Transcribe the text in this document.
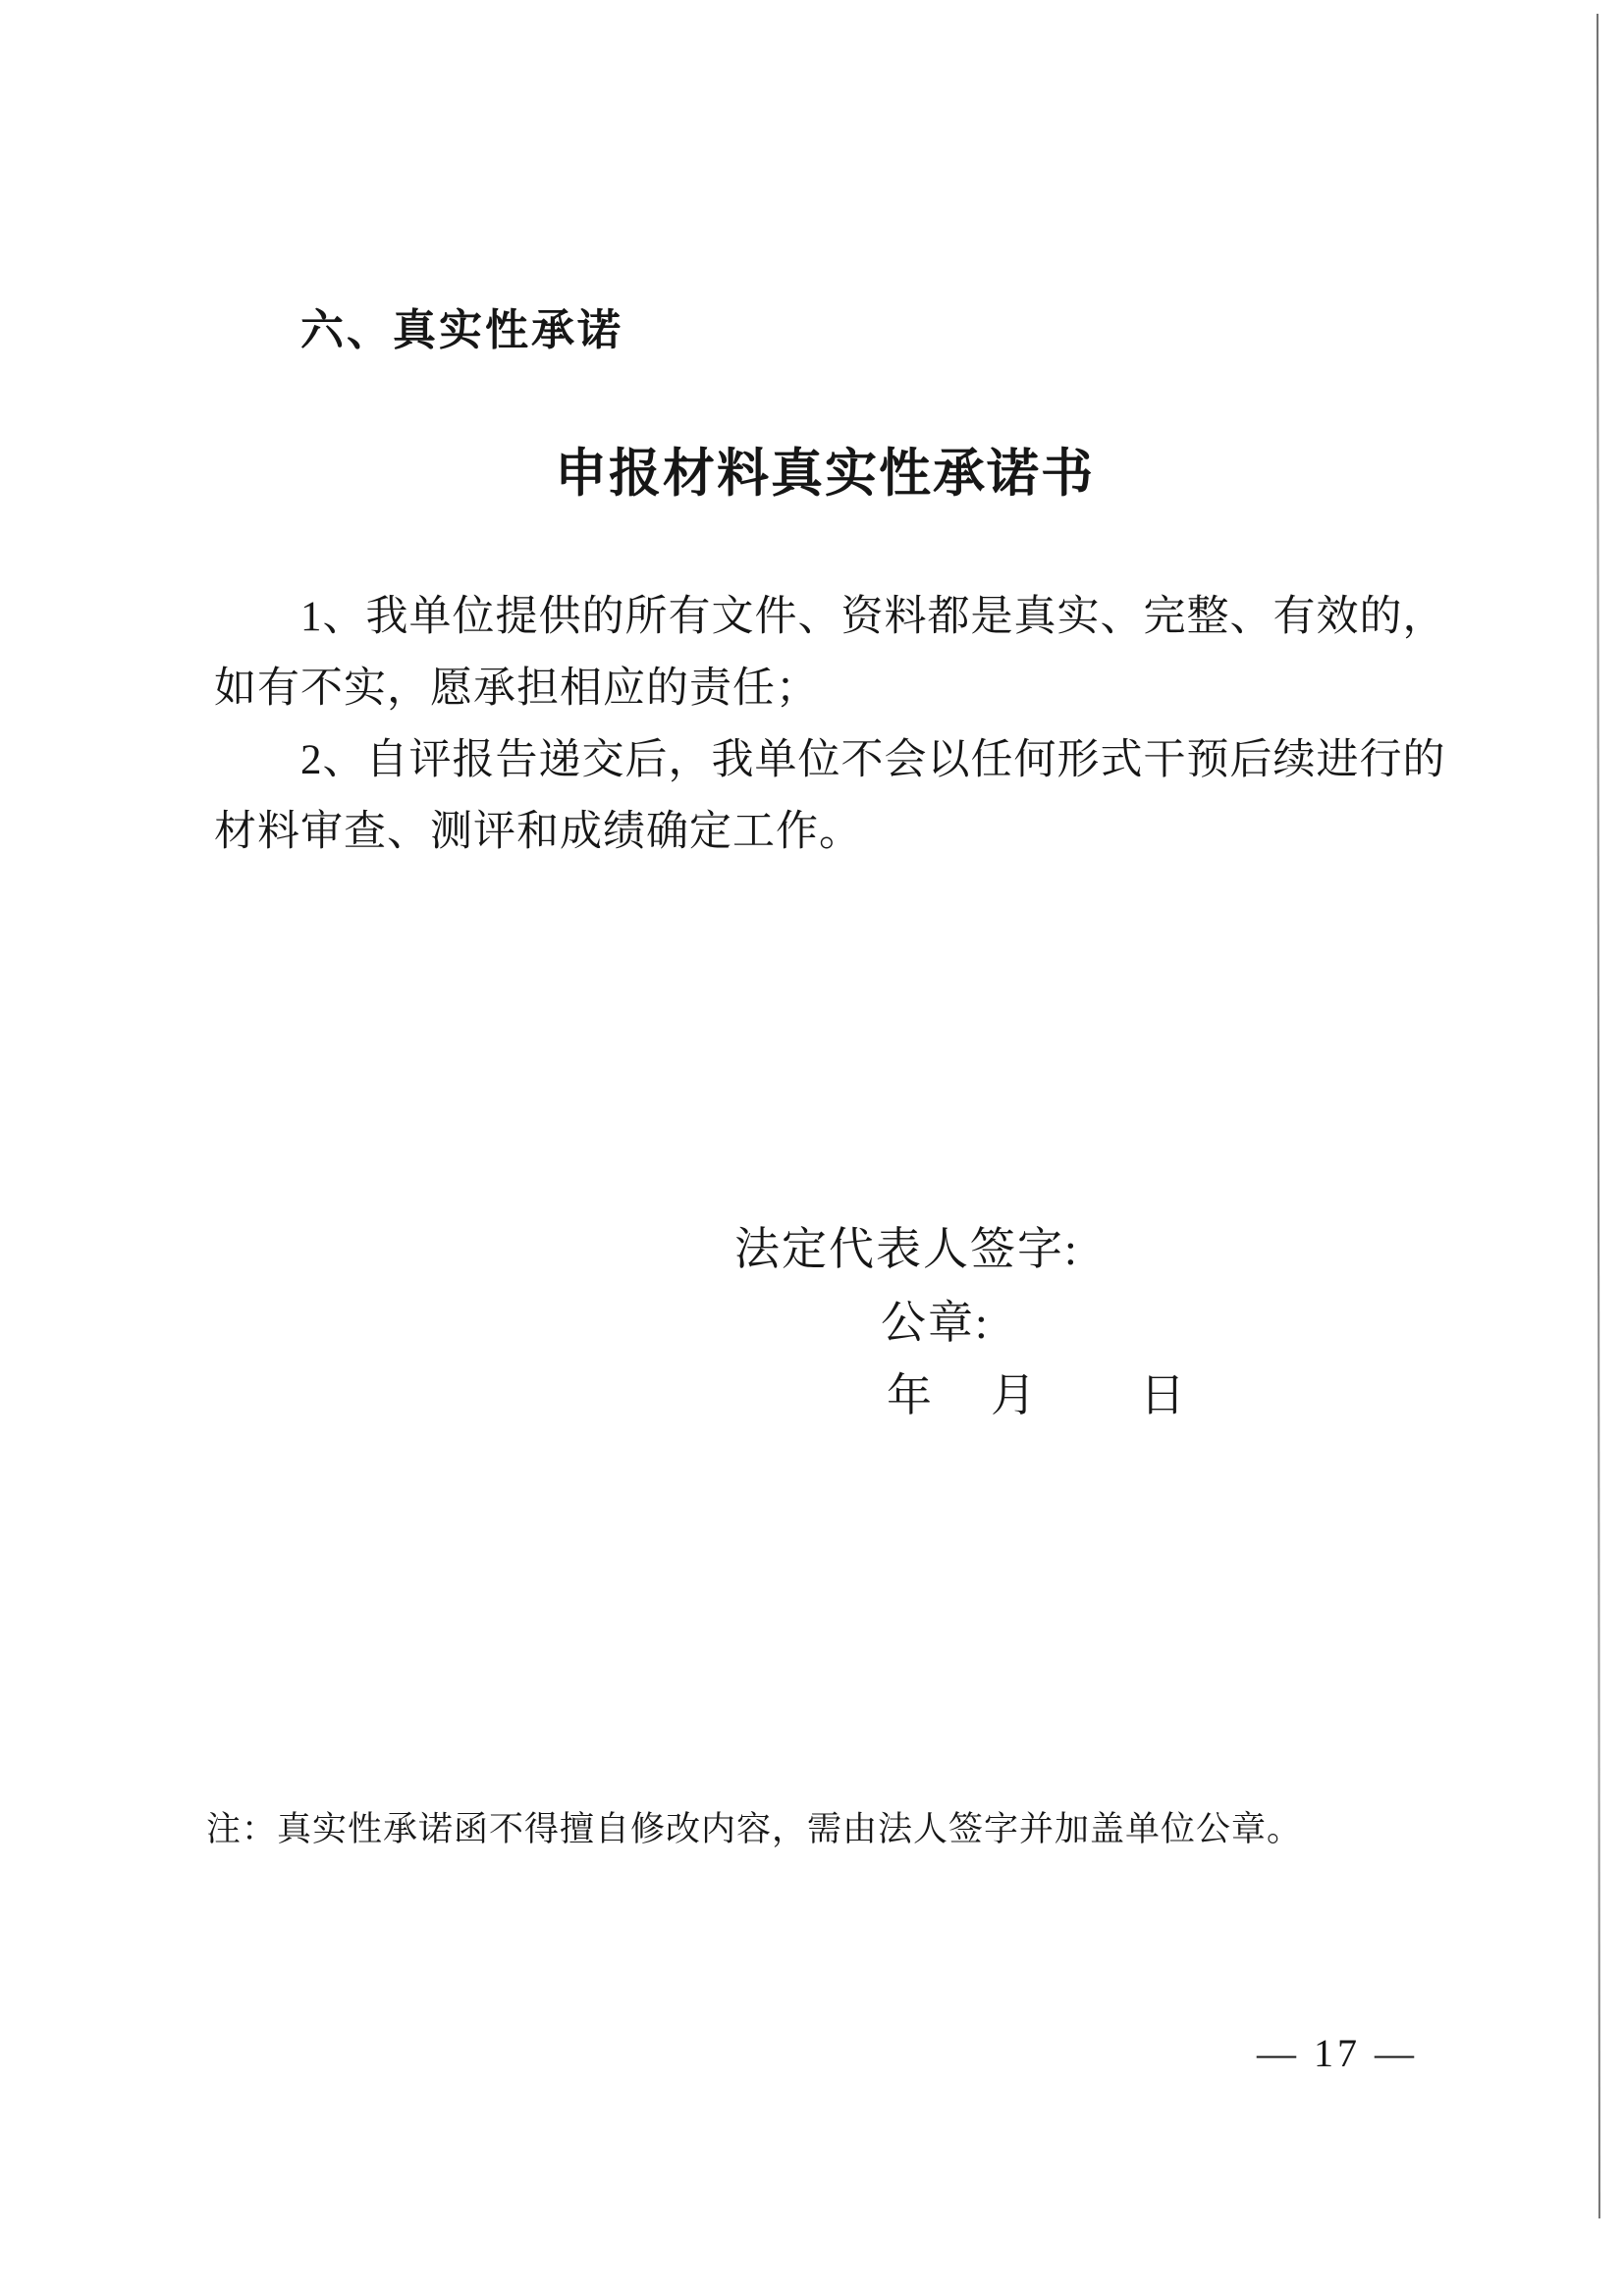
六、真实性承诺
申报材料真实性承诺书
1、我单位提供的所有文件、资料都是真实、完整、有效的，
如有不实，愿承担相应的责任；
2、自评报告递交后，我单位不会以任何形式干预后续进行的
材料审查、测评和成绩确定工作。
法定代表人签字:
公章:
年 月 日
注：真实性承诺函不得擅自修改内容，需由法人签字并加盖单位公章。
— 17 —
